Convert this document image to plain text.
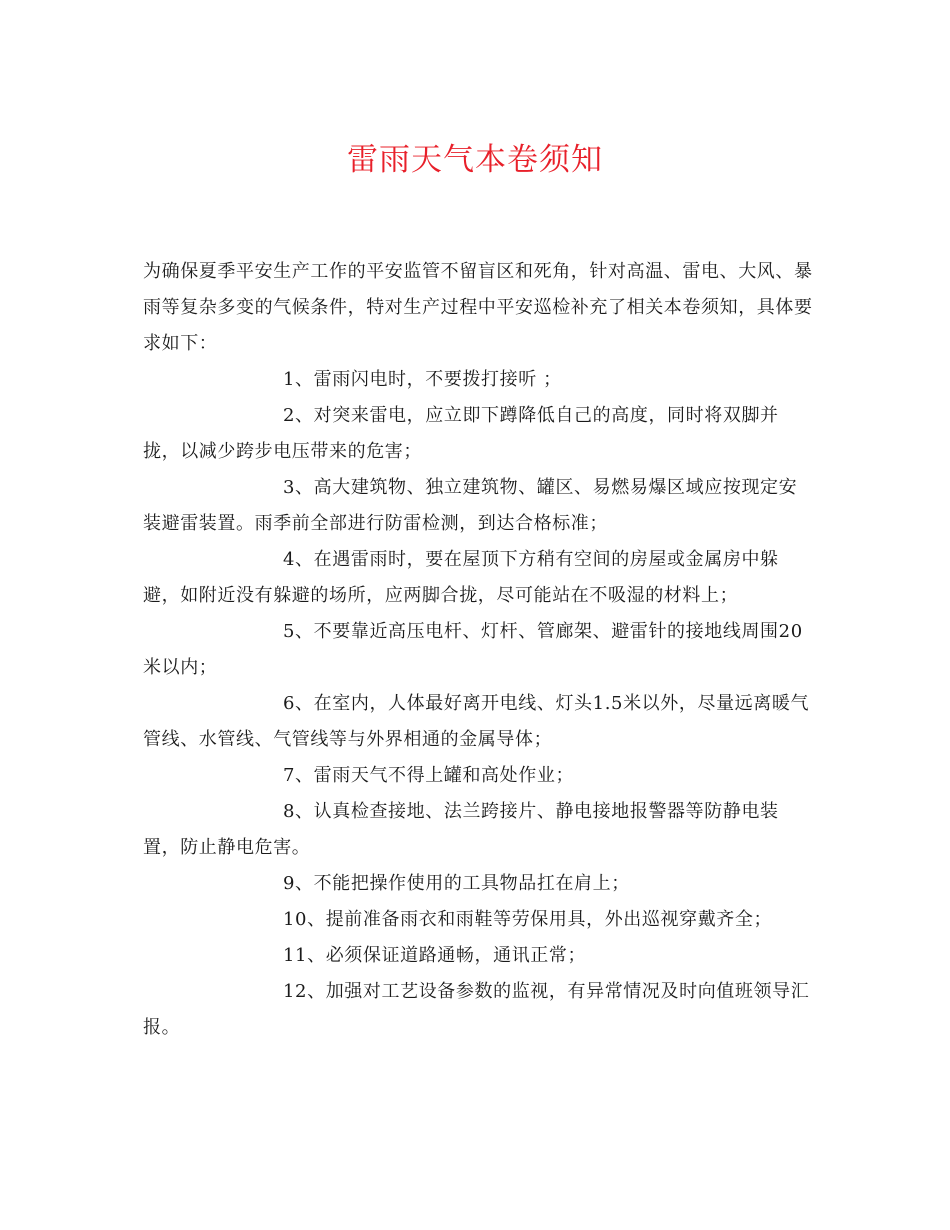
雷雨天气本卷须知

为确保夏季平安生产工作的平安监管不留盲区和死角，针对高温、雷电、大风、暴雨等复杂多变的气候条件，特对生产过程中平安巡检补充了相关本卷须知，具体要求如下：

1、雷雨闪电时，不要拨打接听 ；

2、对突来雷电，应立即下蹲降低自己的高度，同时将双脚并拢，以减少跨步电压带来的危害；

3、高大建筑物、独立建筑物、罐区、易燃易爆区域应按现定安装避雷装置。雨季前全部进行防雷检测，到达合格标准；

4、在遇雷雨时，要在屋顶下方稍有空间的房屋或金属房中躲避，如附近没有躲避的场所，应两脚合拢，尽可能站在不吸湿的材料上；

5、不要靠近高压电杆、灯杆、管廊架、避雷针的接地线周围20米以内；

6、在室内，人体最好离开电线、灯头1.5米以外，尽量远离暖气管线、水管线、气管线等与外界相通的金属导体；

7、雷雨天气不得上罐和高处作业；

8、认真检查接地、法兰跨接片、静电接地报警器等防静电装置，防止静电危害。

9、不能把操作使用的工具物品扛在肩上；

10、提前准备雨衣和雨鞋等劳保用具，外出巡视穿戴齐全；

11、必须保证道路通畅，通讯正常；

12、加强对工艺设备参数的监视，有异常情况及时向值班领导汇报。
